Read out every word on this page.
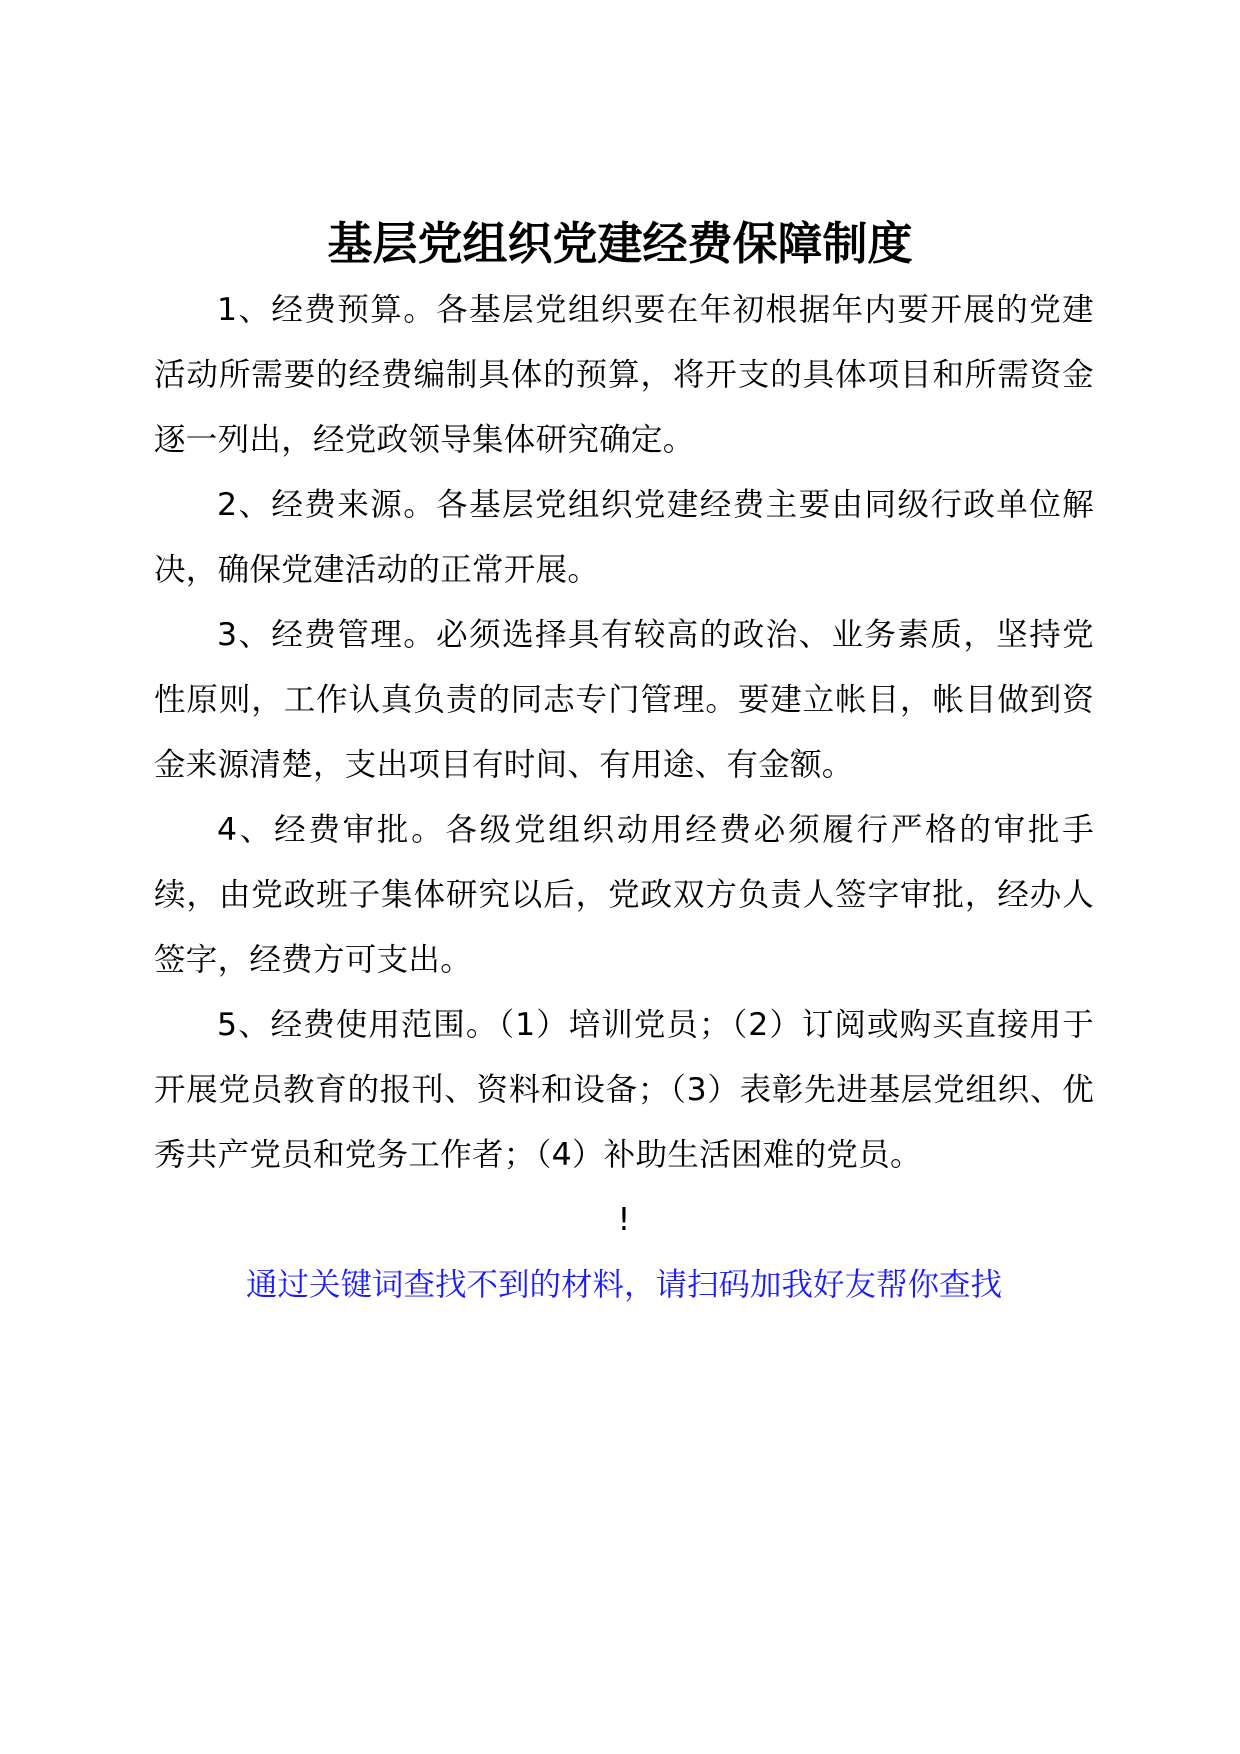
基层党组织党建经费保障制度

1、经费预算。各基层党组织要在年初根据年内要开展的党建活动所需要的经费编制具体的预算，将开支的具体项目和所需资金逐一列出，经党政领导集体研究确定。

2、经费来源。各基层党组织党建经费主要由同级行政单位解决，确保党建活动的正常开展。

3、经费管理。必须选择具有较高的政治、业务素质，坚持党性原则，工作认真负责的同志专门管理。要建立帐目，帐目做到资金来源清楚，支出项目有时间、有用途、有金额。

4、经费审批。各级党组织动用经费必须履行严格的审批手续，由党政班子集体研究以后，党政双方负责人签字审批，经办人签字，经费方可支出。

5、经费使用范围。（1）培训党员；（2）订阅或购买直接用于开展党员教育的报刊、资料和设备；（3）表彰先进基层党组织、优秀共产党员和党务工作者；（4）补助生活困难的党员。

!

通过关键词查找不到的材料，请扫码加我好友帮你查找
